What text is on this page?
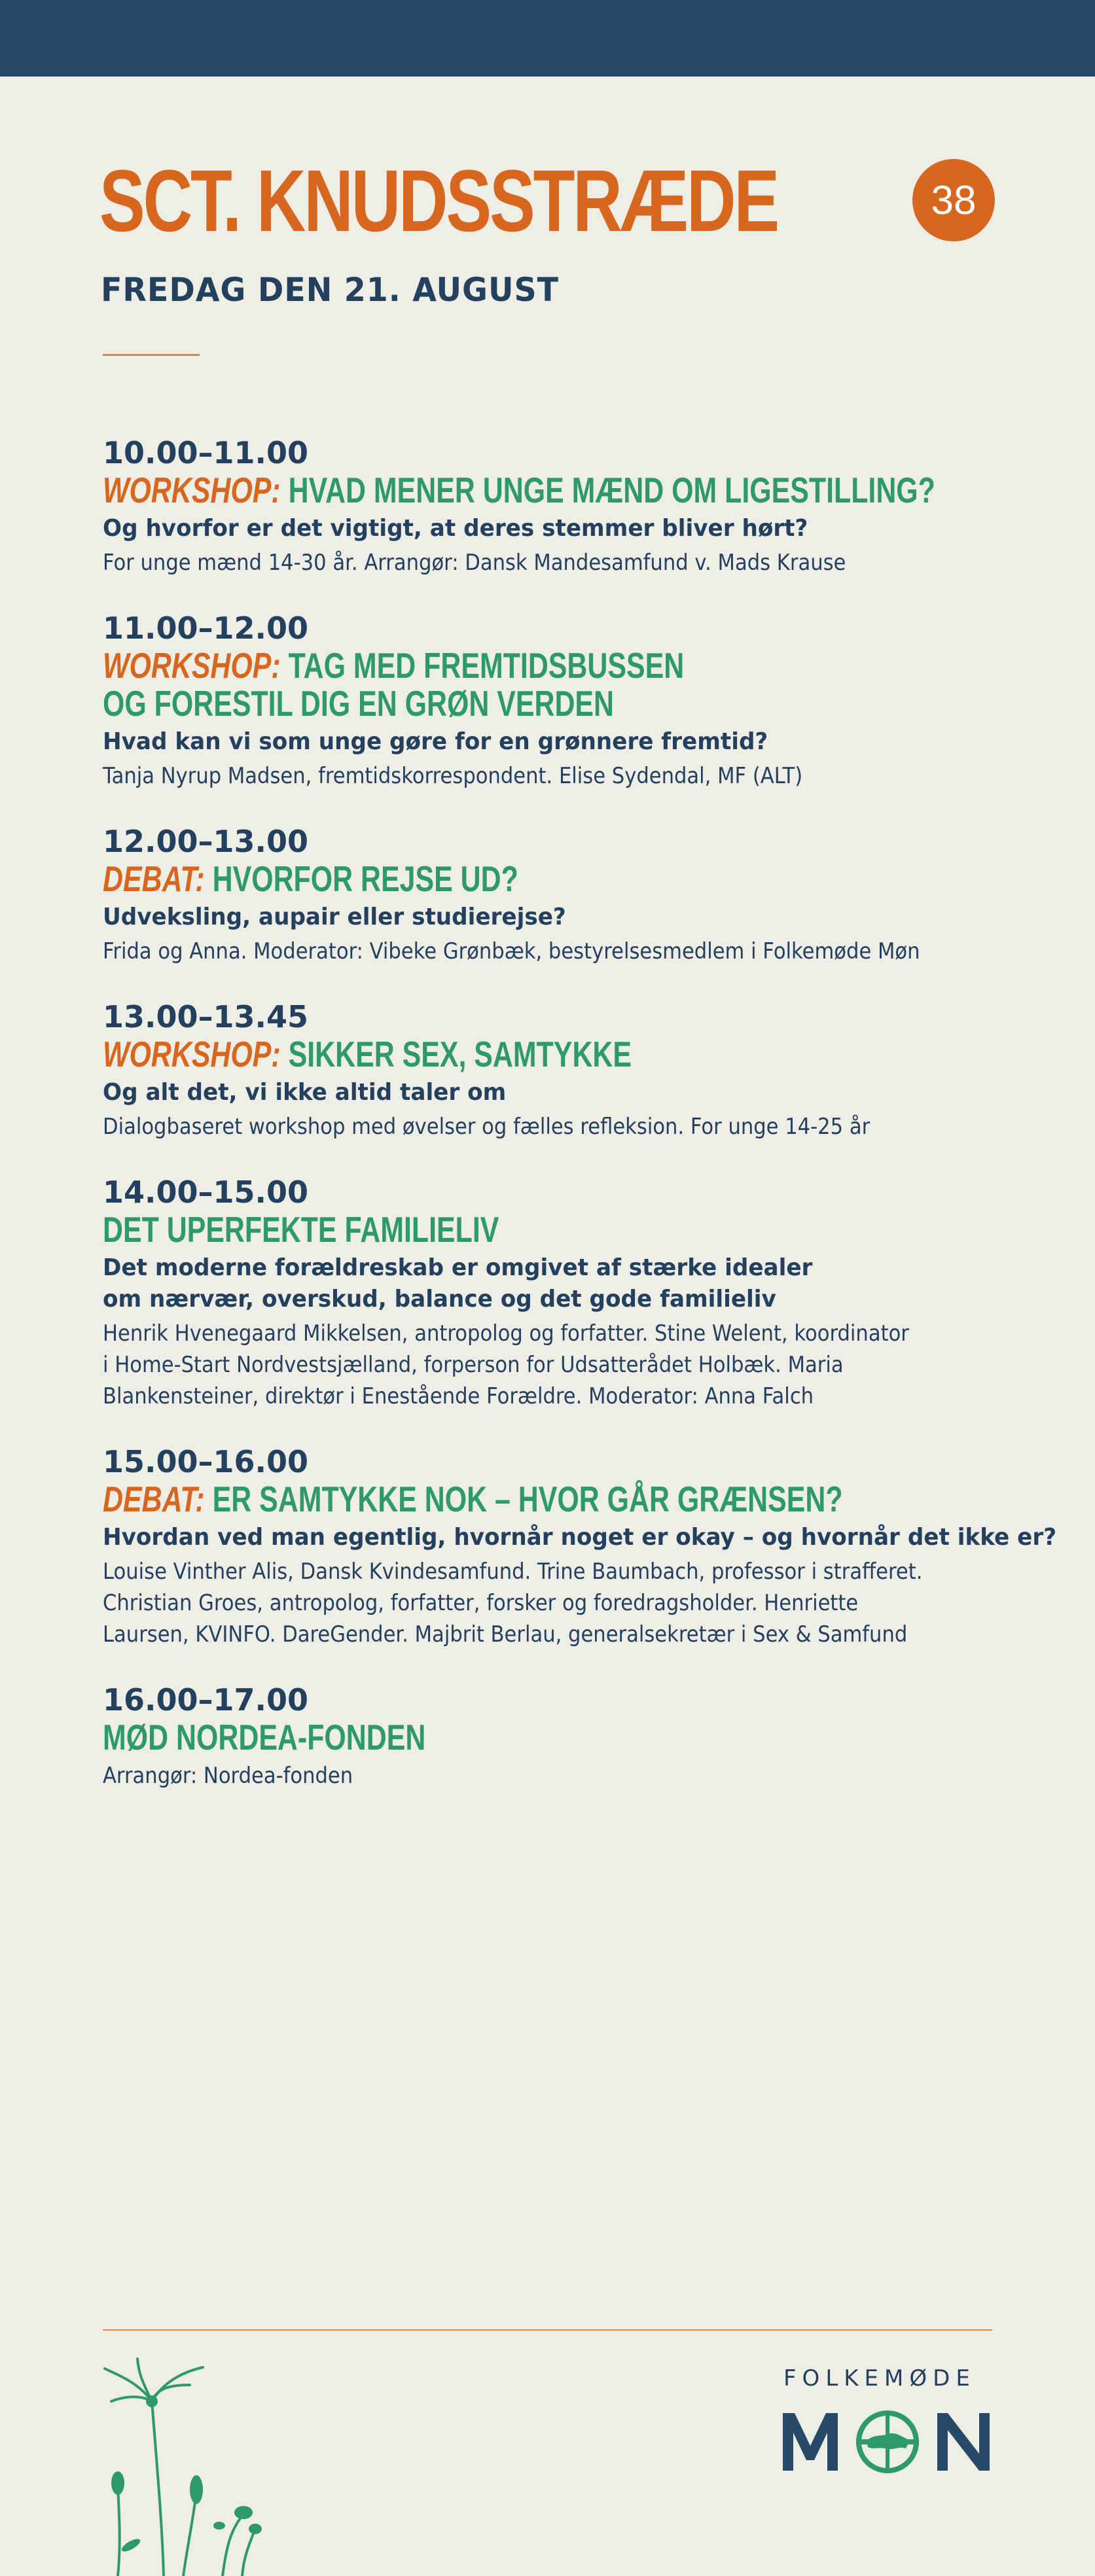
SCT. KNUDSSTRÆDE	38
FREDAG DEN 21. AUGUST
10.00–11.00
WORKSHOP: HVAD MENER UNGE MÆND OM LIGESTILLING?
Og hvorfor er det vigtigt, at deres stemmer bliver hørt?
For unge mænd 14-30 år. Arrangør: Dansk Mandesamfund v. Mads Krause
11.00–12.00
WORKSHOP: TAG MED FREMTIDSBUSSEN
OG FORESTIL DIG EN GRØN VERDEN
Hvad kan vi som unge gøre for en grønnere fremtid?
Tanja Nyrup Madsen, fremtidskorrespondent. Elise Sydendal, MF (ALT)
12.00–13.00
DEBAT: HVORFOR REJSE UD?
Udveksling, aupair eller studierejse?
Frida og Anna. Moderator: Vibeke Grønbæk, bestyrelsesmedlem i Folkemøde Møn
13.00–13.45
WORKSHOP: SIKKER SEX, SAMTYKKE
Og alt det, vi ikke altid taler om
Dialogbaseret workshop med øvelser og fælles refleksion. For unge 14-25 år
14.00–15.00
DET UPERFEKTE FAMILIELIV
Det moderne forældreskab er omgivet af stærke idealer
om nærvær, overskud, balance og det gode familieliv
Henrik Hvenegaard Mikkelsen, antropolog og forfatter. Stine Welent, koordinator
i Home-Start Nordvestsjælland, forperson for Udsatterådet Holbæk. Maria
Blankensteiner, direktør i Enestående Forældre. Moderator: Anna Falch
15.00–16.00
DEBAT: ER SAMTYKKE NOK – HVOR GÅR GRÆNSEN?
Hvordan ved man egentlig, hvornår noget er okay – og hvornår det ikke er?
Louise Vinther Alis, Dansk Kvindesamfund. Trine Baumbach, professor i strafferet.
Christian Groes, antropolog, forfatter, forsker og foredragsholder. Henriette
Laursen, KVINFO. DareGender. Majbrit Berlau, generalsekretær i Sex & Samfund
16.00–17.00
MØD NORDEA-FONDEN
Arrangør: Nordea-fonden
FOLKEMØDE
